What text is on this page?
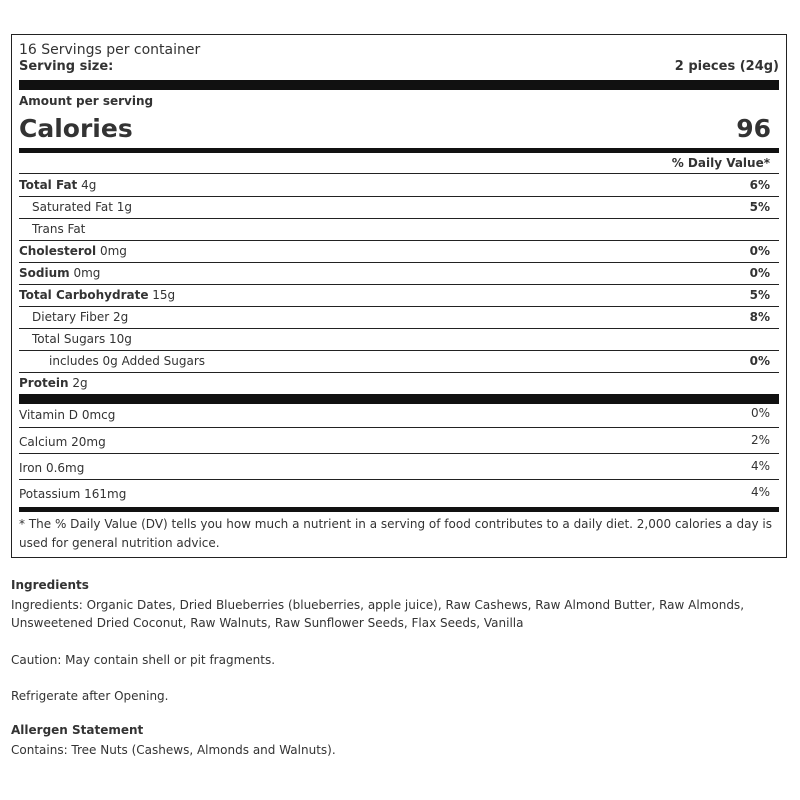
16 Servings per container
Serving size:	2 pieces (24g)
Amount per serving
Calories	96
% Daily Value*
Total Fat 4g	6%
Saturated Fat 1g	5%
Trans Fat
Cholesterol 0mg	0%
Sodium 0mg	0%
Total Carbohydrate 15g	5%
Dietary Fiber 2g	8%
Total Sugars 10g
includes 0g Added Sugars	0%
Protein 2g
Vitamin D 0mcg	0%
Calcium 20mg	2%
Iron 0.6mg	4%
Potassium 161mg	4%
* The % Daily Value (DV) tells you how much a nutrient in a serving of food contributes to a daily diet. 2,000 calories a day is used for general nutrition advice.
Ingredients
Ingredients: Organic Dates, Dried Blueberries (blueberries, apple juice), Raw Cashews, Raw Almond Butter, Raw Almonds, Unsweetened Dried Coconut, Raw Walnuts, Raw Sunflower Seeds, Flax Seeds, Vanilla
Caution: May contain shell or pit fragments.
Refrigerate after Opening.
Allergen Statement
Contains: Tree Nuts (Cashews, Almonds and Walnuts).
